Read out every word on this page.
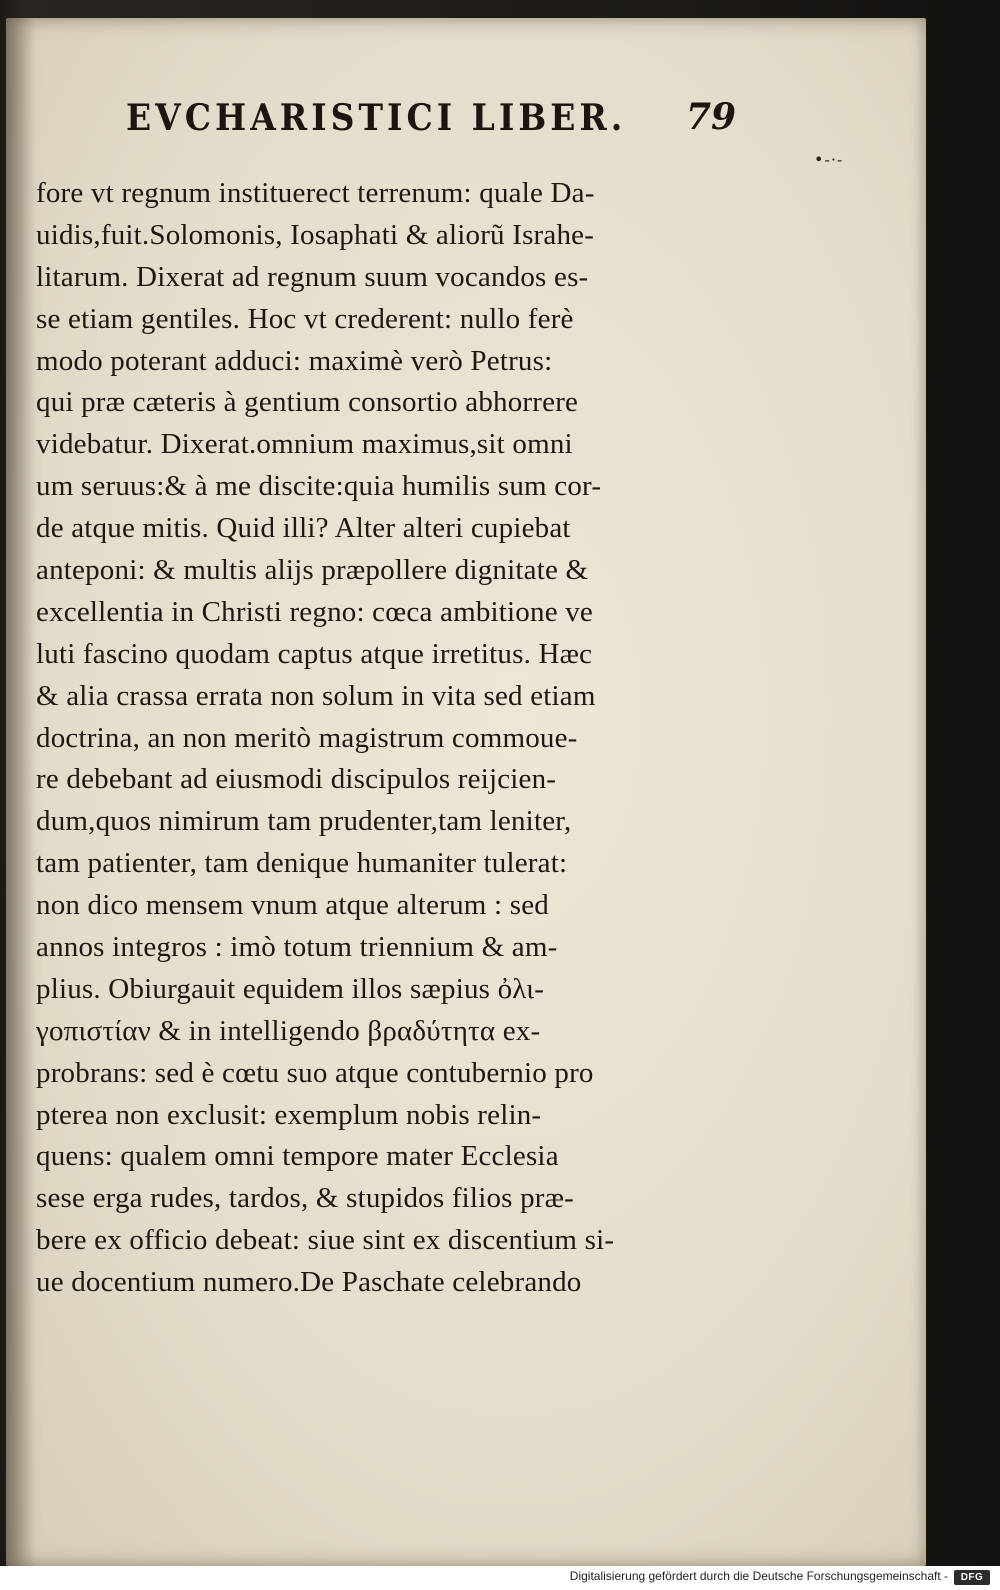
EVCHARISTICI LIBER. 79
•-·-
fore vt regnum instituerect terrenum: quale Da-
uidis,fuit.Solomonis, Iosaphati & aliorũ Israhe-
litarum. Dixerat ad regnum suum vocandos es-
se etiam gentiles. Hoc vt crederent: nullo ferè
modo poterant adduci: maximè verò Petrus:
qui præ cæteris à gentium consortio abhorrere
videbatur. Dixerat.omnium maximus,sit omni
um seruus:& à me discite:quia humilis sum cor-
de atque mitis. Quid illi? Alter alteri cupiebat
anteponi: & multis alijs præpollere dignitate &
excellentia in Christi regno: cœca ambitione ve
luti fascino quodam captus atque irretitus. Hæc
& alia crassa errata non solum in vita sed etiam
doctrina, an non meritò magistrum commoue-
re debebant ad eiusmodi discipulos reijcien-
dum,quos nimirum tam prudenter,tam leniter,
tam patienter, tam denique humaniter tulerat:
non dico mensem vnum atque alterum : sed
annos integros : imò totum triennium & am-
plius. Obiurgauit equidem illos sæpius ὀλι-
γοπιστίαν & in intelligendo βραδύτητα ex-
probrans: sed è cœtu suo atque contubernio pro
pterea non exclusit: exemplum nobis relin-
quens: qualem omni tempore mater Ecclesia
sese erga rudes, tardos, & stupidos filios præ-
bere ex officio debeat: siue sint ex discentium si-
ue docentium numero.De Paschate celebrando
Digitalisierung gefördert durch die Deutsche Forschungsgemeinschaft -	DFG
